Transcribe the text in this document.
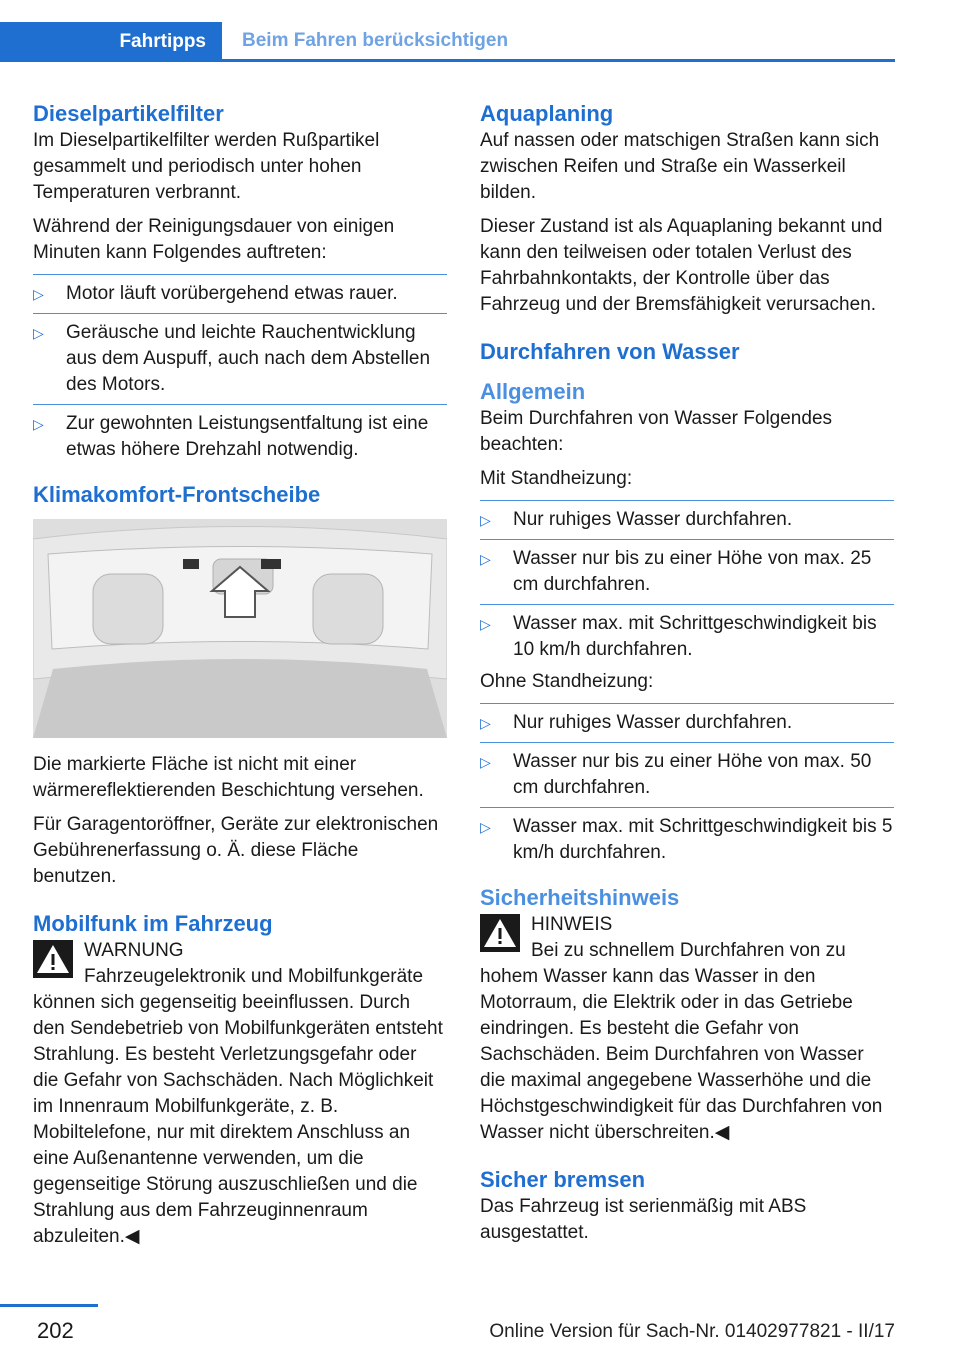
Fahrtipps	Beim Fahren berücksichtigen
Dieselpartikelfilter

Im Dieselpartikelfilter werden Rußpartikel gesammelt und periodisch unter hohen Temperaturen verbrannt.

Während der Reinigungsdauer von einigen Minuten kann Folgendes auftreten:

▷ Motor läuft vorübergehend etwas rauer.
▷ Geräusche und leichte Rauchentwicklung aus dem Auspuff, auch nach dem Abstellen des Motors.
▷ Zur gewohnten Leistungsentfaltung ist eine etwas höhere Drehzahl notwendig.
Klimakomfort-Frontscheibe

Die markierte Fläche ist nicht mit einer wärmereflektierenden Beschichtung versehen.

Für Garagentoröffner, Geräte zur elektronischen Gebührenerfassung o. Ä. diese Fläche benutzen.

Mobilfunk im Fahrzeug
WARNUNG

Fahrzeugelektronik und Mobilfunkgeräte können sich gegenseitig beeinflussen. Durch den Sendebetrieb von Mobilfunkgeräten entsteht Strahlung. Es besteht Verletzungsgefahr oder die Gefahr von Sachschäden. Nach Möglichkeit im Innenraum Mobilfunkgeräte, z. B. Mobiltelefone, nur mit direktem Anschluss an eine Außenantenne verwenden, um die gegenseitige Störung auszuschließen und die Strahlung aus dem Fahrzeuginnenraum abzuleiten.◀

Aquaplaning

Auf nassen oder matschigen Straßen kann sich zwischen Reifen und Straße ein Wasserkeil bilden.

Dieser Zustand ist als Aquaplaning bekannt und kann den teilweisen oder totalen Verlust des Fahrbahnkontakts, der Kontrolle über das Fahrzeug und der Bremsfähigkeit verursachen.

Durchfahren von Wasser
Allgemein

Beim Durchfahren von Wasser Folgendes beachten:

Mit Standheizung:

▷ Nur ruhiges Wasser durchfahren.
▷ Wasser nur bis zu einer Höhe von max. 25 cm durchfahren.
▷ Wasser max. mit Schrittgeschwindigkeit bis 10 km/h durchfahren.

Ohne Standheizung:

▷ Nur ruhiges Wasser durchfahren.
▷ Wasser nur bis zu einer Höhe von max. 50 cm durchfahren.
▷ Wasser max. mit Schrittgeschwindigkeit bis 5 km/h durchfahren.
Sicherheitshinweis
HINWEIS

Bei zu schnellem Durchfahren von zu hohem Wasser kann das Wasser in den Motorraum, die Elektrik oder in das Getriebe eindringen. Es besteht die Gefahr von Sachschäden. Beim Durchfahren von Wasser die maximal angegebene Wasserhöhe und die Höchstgeschwindigkeit für das Durchfahren von Wasser nicht überschreiten.◀

Sicher bremsen

Das Fahrzeug ist serienmäßig mit ABS ausgestattet.

202	Online Version für Sach-Nr. 01402977821 - II/17
